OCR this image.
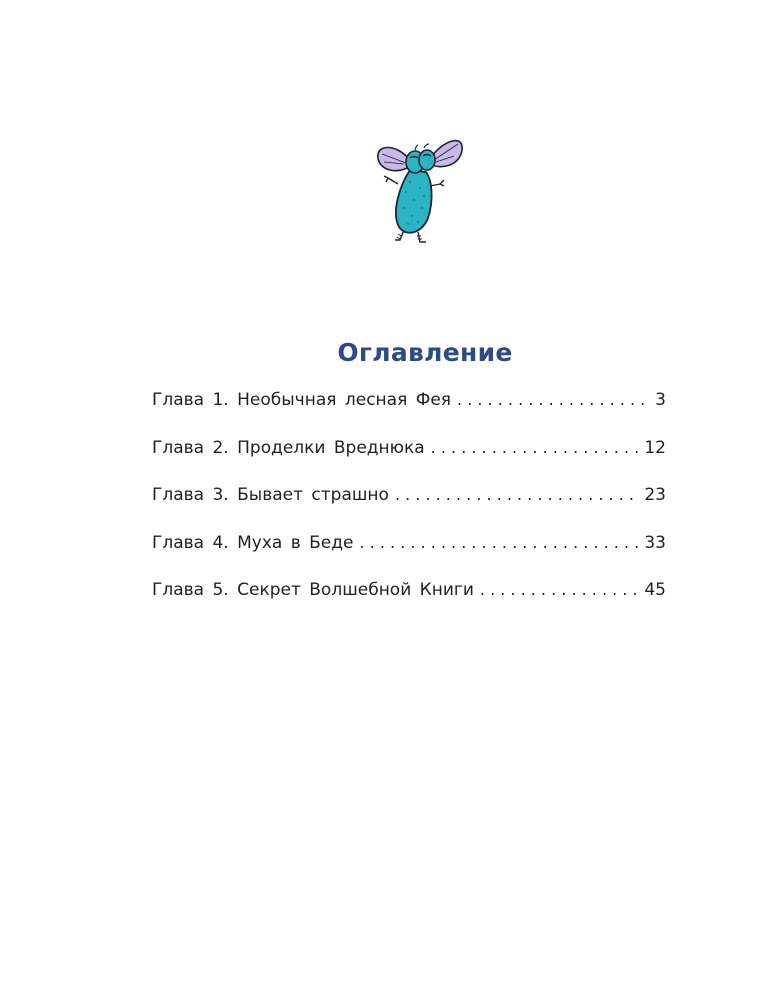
Оглавление
Глава 1. Необычная лесная Фея . . .	3
Глава 2. Проделки Вреднюка . . .	12
Глава 3. Бывает страшно . . .	23
Глава 4. Муха в Беде . . .	33
Глава 5. Секрет Волшебной Книги . . .	45
